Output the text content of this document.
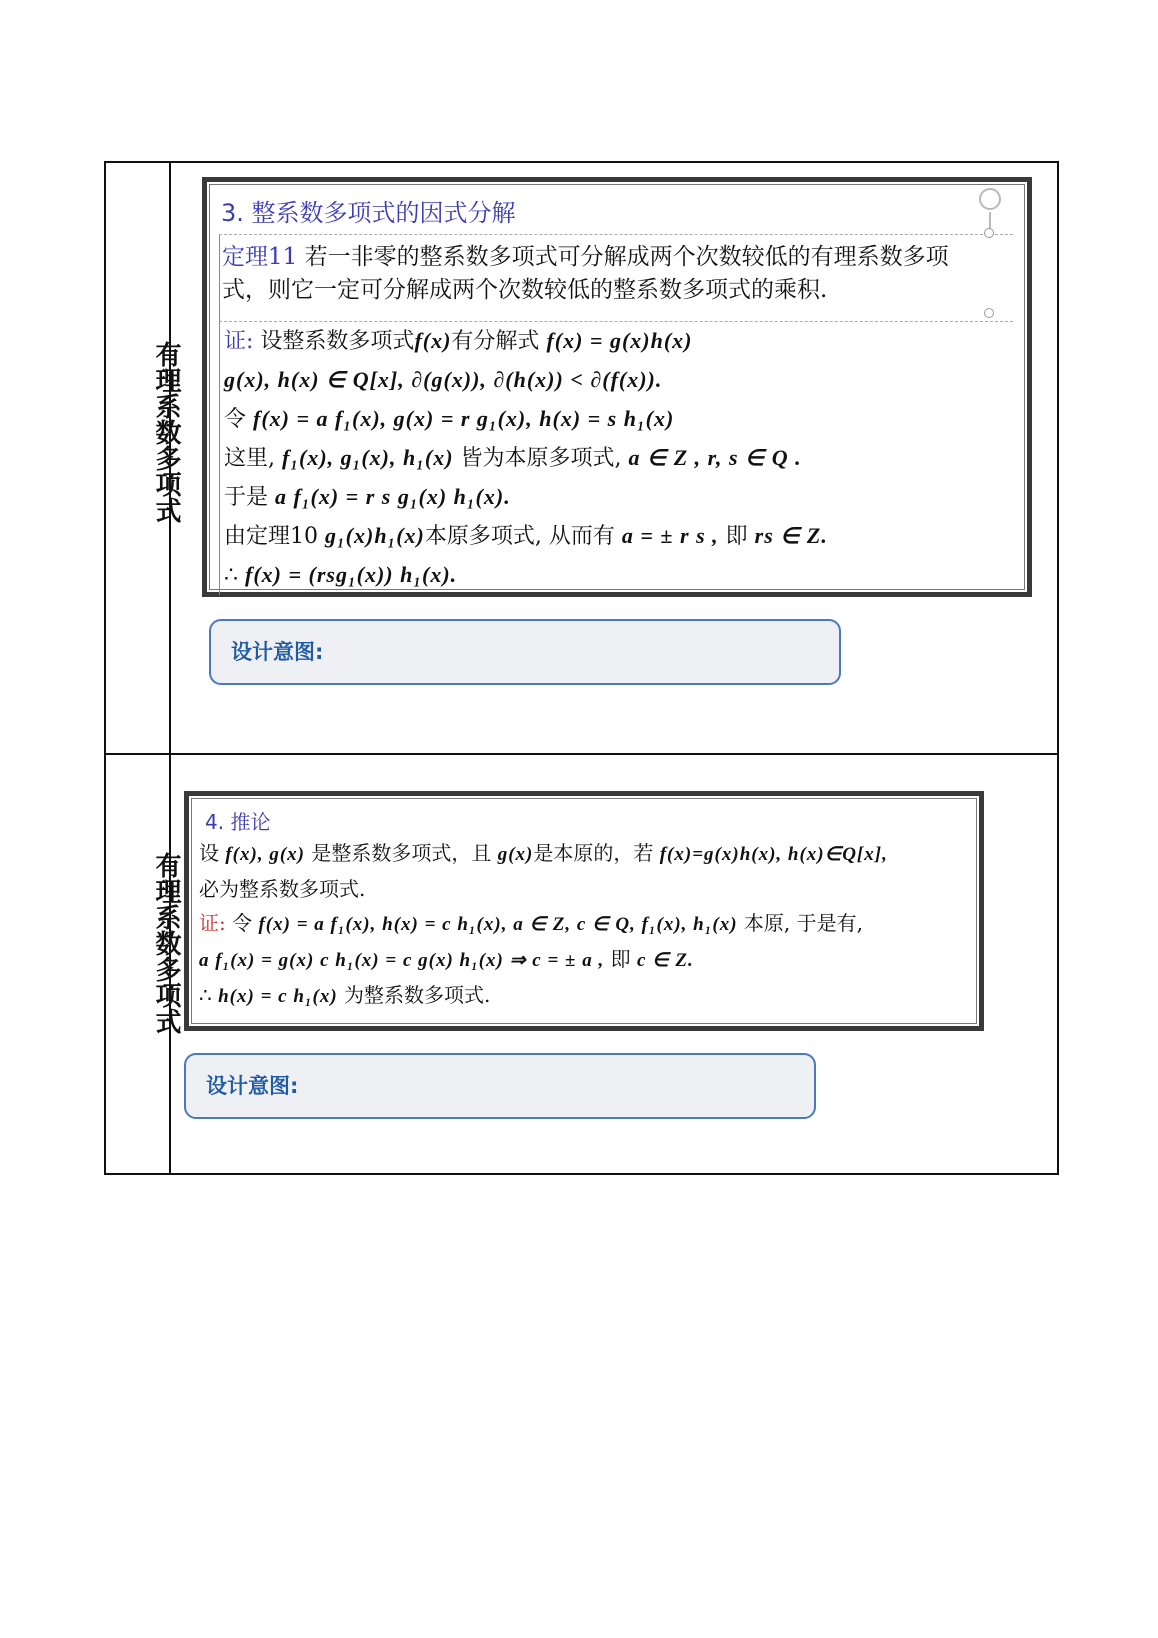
有理系数多项式
3. 整系数多项式的因式分解
定理11 若一非零的整系数多项式可分解成两个次数较低的有理系数多项式，则它一定可分解成两个次数较低的整系数多项式的乘积.
证: 设整系数多项式f(x)有分解式 f(x) = g(x)h(x)
g(x), h(x) ∈ Q[x], ∂(g(x)), ∂(h(x)) < ∂(f(x)).
令 f(x) = a f₁(x), g(x) = r g₁(x), h(x) = s h₁(x)
这里, f₁(x), g₁(x), h₁(x) 皆为本原多项式, a ∈ Z , r, s ∈ Q .
于是 a f₁(x) = r s g₁(x) h₁(x).
由定理10 g₁(x)h₁(x)本原多项式, 从而有 a = ± r s , 即 rs ∈ Z.
∴ f(x) = (rsg₁(x)) h₁(x).
设计意图:
有理系数多项式
4. 推论
设 f(x), g(x) 是整系数多项式，且 g(x)是本原的，若 f(x)=g(x)h(x), h(x)∈Q[x],
必为整系数多项式.
证: 令 f(x) = a f₁(x), h(x) = c h₁(x), a ∈ Z, c ∈ Q, f₁(x), h₁(x) 本原, 于是有,
a f₁(x) = g(x) c h₁(x) = c g(x) h₁(x) ⇒ c = ± a , 即 c ∈ Z.
∴ h(x) = c h₁(x) 为整系数多项式.
设计意图:
